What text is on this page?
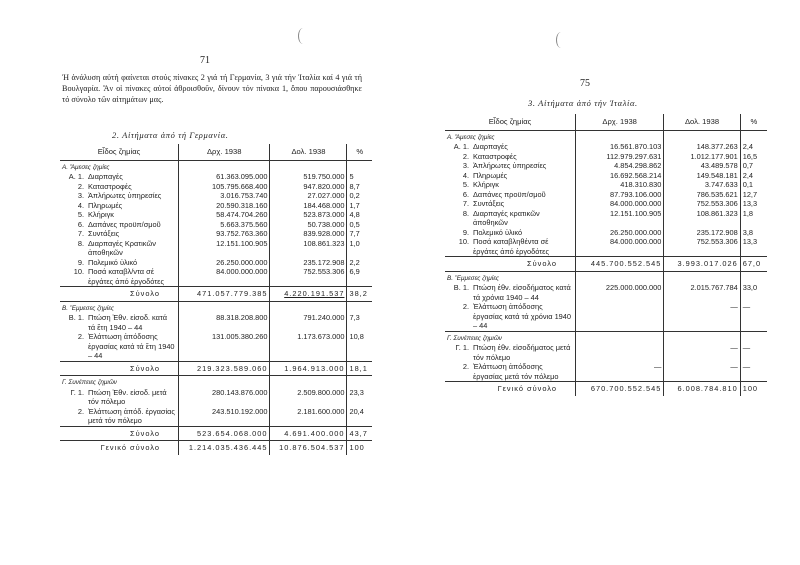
71
Ἡ ἀνάλυση αὐτή φαίνεται στούς πίνακες 2 γιά τή Γερμανία, 3 γιά τήν Ἰταλία καί 4 γιά τή Βουλγαρία. Ἄν οἱ πίνακες αὐτοί ἀθροισθοῦν, δίνουν τόν πίνακα 1, ὅπου παρουσιάσθηκε τό σύνολο τῶν αἰτημάτων μας.
2. Αἰτήματα ἀπό τή Γερμανία.
Εἶδος ζημίας		Δρχ. 1938	Δολ. 1938	%
Α. Ἄμεσες ζημίες				
Α. 1.	Διαρπαγές	61.363.095.000	519.750.000	5
2.	Καταστροφές	105.795.668.400	947.820.000	8,7
3.	Ἀπλήρωτες ὑπηρεσίες	3.016.753.740	27.027.000	0,2
4.	Πληρωμές	20.590.318.160	184.468.000	1,7
5.	Κλήριγκ	58.474.704.260	523.873.000	4,8
6.	Δαπάνες προϋπ/σμοῦ	5.663.375.560	50.738.000	0,5
7.	Συντάξεις	93.752.763.360	839.928.000	7,7
8.	Διαρπαγές Κρατικῶν ἀποθηκῶν	12.151.100.905	108.861.323	1,0
9.	Πολεμικό ὑλικό	26.250.000.000	235.172.908	2,2
10.	Ποσά καταβλ/ντα σέ ἐργάτες ἀπό ἐργοδότες	84.000.000.000	752.553.306	6,9
Σύνολο		471.057.779.385	4.220.191.537	38,2
Β. Ἔμμεσες ζημίες				
Β. 1.	Πτώση Ἐθν. εἰσοδ. κατά τά ἔτη 1940 – 44	88.318.208.800	791.240.000	7,3
2.	Ἐλάττωση ἀπόδοσης ἐργασίας κατά τά ἔτη 1940 – 44	131.005.380.260	1.173.673.000	10,8
Σύνολο		219.323.589.060	1.964.913.000	18,1
Γ. Συνέπειες ζημιῶν				
Γ. 1.	Πτώση Ἐθν. εἰσοδ. μετά τόν πόλεμο	280.143.876.000	2.509.800.000	23,3
2.	Ἐλάττωση ἀπόδ. ἐργασίας μετά τόν πόλεμο	243.510.192.000	2.181.600.000	20,4
Σύνολο		523.654.068.000	4.691.400.000	43,7
Γενικό σύνολο		1.214.035.436.445	10.876.504.537	100
75
3. Αἰτήματα ἀπό τήν Ἰταλία.
Εἶδος ζημίας		Δρχ. 1938	Δολ. 1938	%
Α. Ἄμεσες ζημίες				
Α. 1.	Διαρπαγές	16.561.870.103	148.377.263	2,4
2.	Καταστροφές	112.979.297.631	1.012.177.901	16,5
3.	Ἀπλήρωτες ὑπηρεσίες	4.854.298.862	43.489.578	0,7
4.	Πληρωμές	16.692.568.214	149.548.181	2,4
5.	Κλήριγκ	418.310.830	3.747.633	0,1
6.	Δαπάνες προϋπ/σμοῦ	87.793.106.000	786.535.621	12,7
7.	Συντάξεις	84.000.000.000	752.553.306	13,3
8.	Διαρπαγές κρατικῶν ἀποθηκῶν	12.151.100.905	108.861.323	1,8
9.	Πολεμικό ὑλικό	26.250.000.000	235.172.908	3,8
10.	Ποσά καταβληθέντα σέ ἐργάτες ἀπό ἐργοδότες	84.000.000.000	752.553.306	13,3
Σύνολο		445.700.552.545	3.993.017.026	67,0
Β. Ἔμμεσες ζημίες				
Β. 1.	Πτώση ἐθν. εἰσοδήματος κατά τά χρόνια 1940 – 44	225.000.000.000	2.015.767.784	33,0
2.	Ἐλάττωση ἀπόδοσης ἐργασίας κατά τά χρόνια 1940 – 44		—	—
Γ. Συνέπειες ζημιῶν				
Γ. 1.	Πτώση ἐθν. εἰσοδήματος μετά τόν πόλεμο		—	—
2.	Ἐλάττωση ἀπόδοσης ἐργασίας μετά τόν πόλεμο	—	—	—
Γενικό σύνολο		670.700.552.545	6.008.784.810	100
